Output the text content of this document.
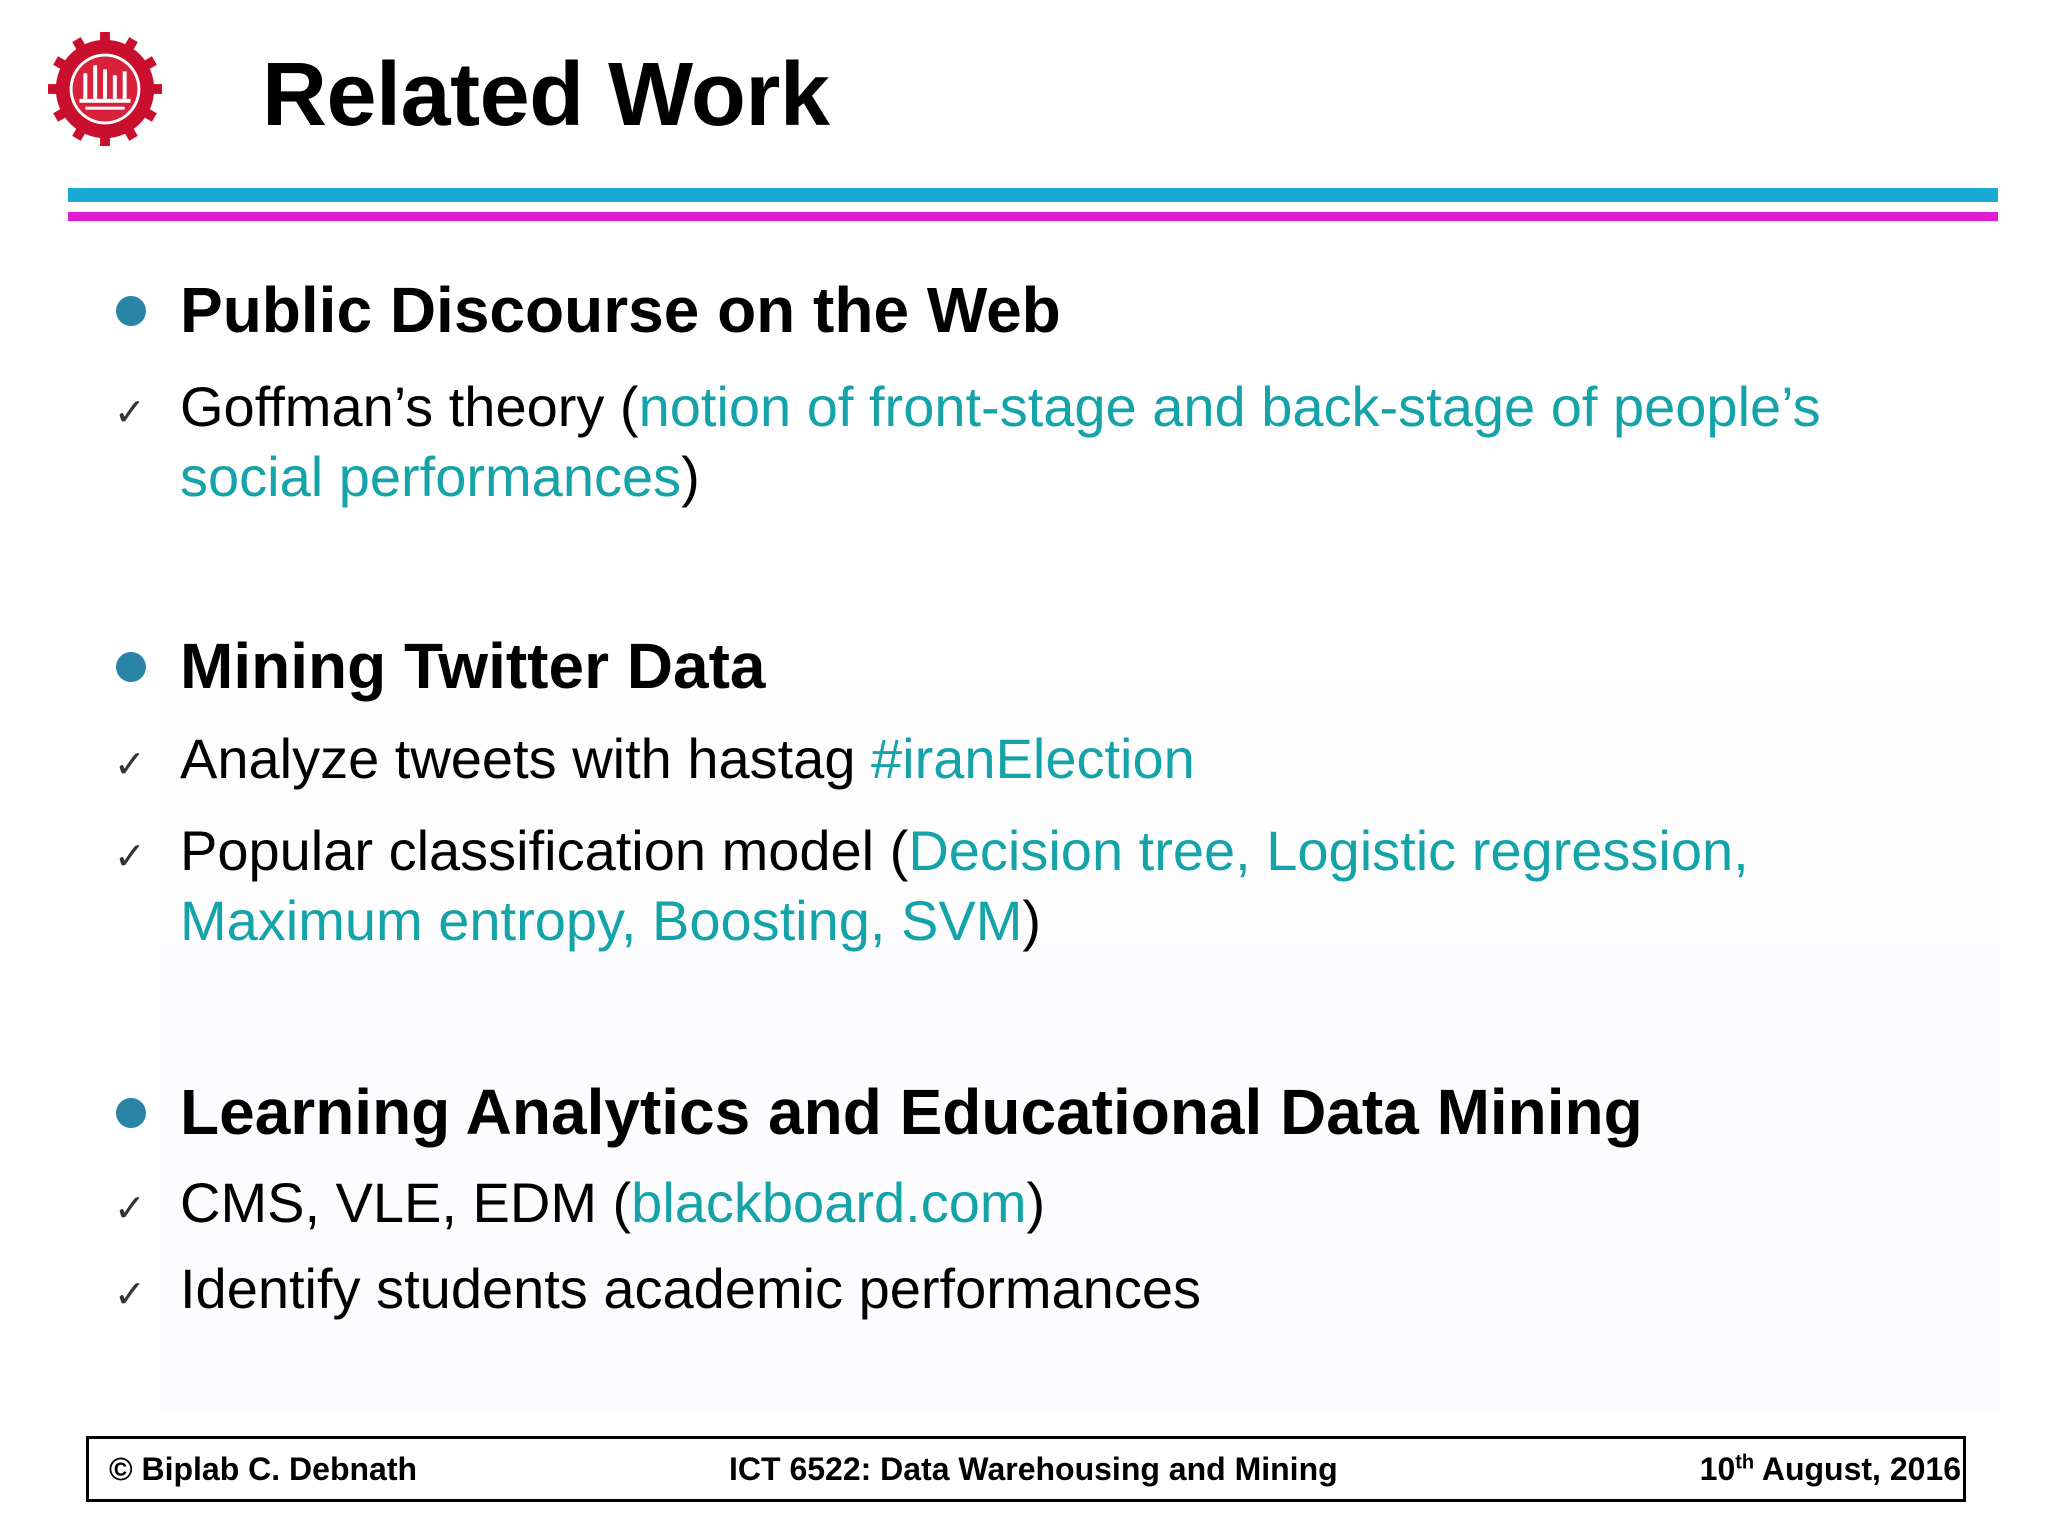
Related Work
Public Discourse on the Web
✓ Goffman’s theory (notion of front-stage and back-stage of people’s social performances)

Mining Twitter Data
✓ Analyze tweets with hastag #iranElection

✓ Popular classification model (Decision tree, Logistic regression, Maximum entropy, Boosting, SVM)

Learning Analytics and Educational Data Mining
✓ CMS, VLE, EDM (blackboard.com)

✓ Identify students academic performances

© Biplab C. Debnath	ICT 6522: Data Warehousing and Mining	10th August, 2016
